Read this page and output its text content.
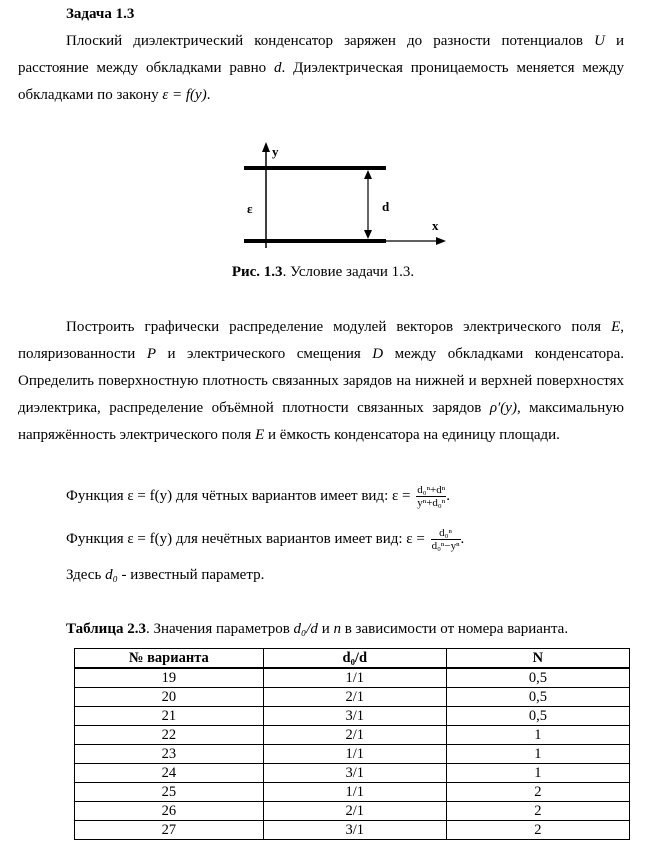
Задача 1.3
Плоский диэлектрический конденсатор заряжен до разности потенциалов U и расстояние между обкладками равно d. Диэлектрическая проницаемость меняется между обкладками по закону ε = f(y).
y
x
ε	d
Рис. 1.3. Условие задачи 1.3.
Построить графически распределение модулей векторов электрического поля E, поляризованности P и электрического смещения D между обкладками конденсатора. Определить поверхностную плотность связанных зарядов на нижней и верхней поверхностях диэлектрика, распределение объёмной плотности связанных зарядов ρ′(y), максимальную напряжённость электрического поля E и ёмкость конденсатора на единицу площади.
Функция ε = f(y) для чётных вариантов имеет вид: $\varepsilon = \frac{\text{d₀ⁿ+dⁿ}}{\text{yⁿ+d₀ⁿ}}$ .
Функция ε = f(y) для нечётных вариантов имеет вид: $\varepsilon = \frac{\text{d₀ⁿ}}{\text{d₀ⁿ−yⁿ}}$ .
Здесь d₀ - известный параметр.
Таблица 2.3. Значения параметров d₀/d и n в зависимости от номера варианта.
№ варианта	d₀/d	N
19	1/1	0,5
20	2/1	0,5
21	3/1	0,5
22	2/1	1
23	1/1	1
24	3/1	1
25	1/1	2
26	2/1	2
27	3/1	2
